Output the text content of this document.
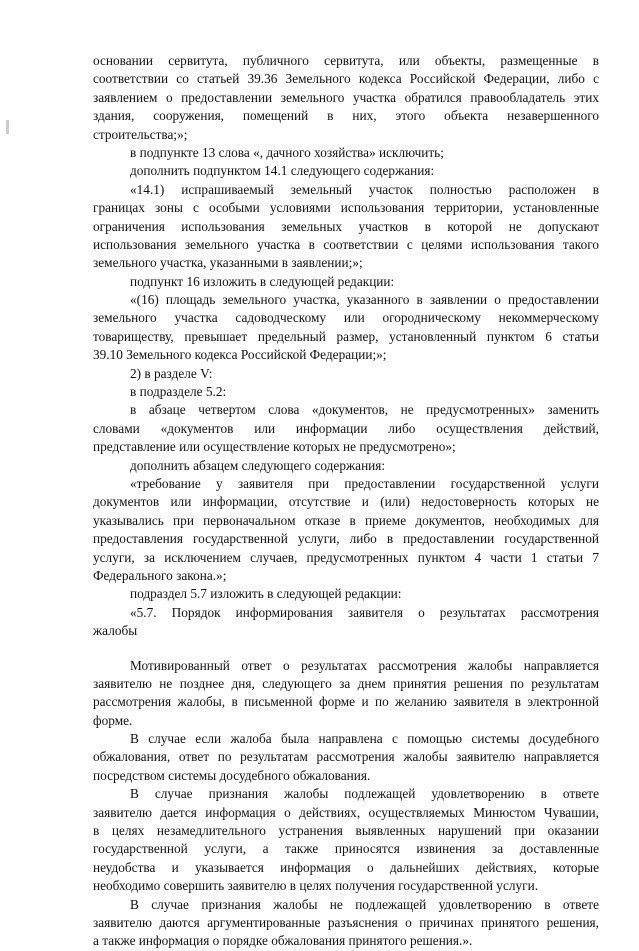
основании сервитута, публичного сервитута, или объекты, размещенные в
соответствии со статьей 39.36 Земельного кодекса Российской Федерации, либо с
заявлением о предоставлении земельного участка обратился правообладатель этих
здания, сооружения, помещений в них, этого объекта незавершенного
строительства;»;
в подпункте 13 слова «, дачного хозяйства» исключить;
дополнить подпунктом 14.1 следующего содержания:
«14.1) испрашиваемый земельный участок полностью расположен в
границах зоны с особыми условиями использования территории, установленные
ограничения использования земельных участков в которой не допускают
использования земельного участка в соответствии с целями использования такого
земельного участка, указанными в заявлении;»;
подпункт 16 изложить в следующей редакции:
«(16) площадь земельного участка, указанного в заявлении о предоставлении
земельного участка садоводческому или огородническому некоммерческому
товариществу, превышает предельный размер, установленный пунктом 6 статьи
39.10 Земельного кодекса Российской Федерации;»;
2) в разделе V:
в подразделе 5.2:
в абзаце четвертом слова «документов, не предусмотренных» заменить
словами «документов или информации либо осуществления действий,
представление или осуществление которых не предусмотрено»;
дополнить абзацем следующего содержания:
«требование у заявителя при предоставлении государственной услуги
документов или информации, отсутствие и (или) недостоверность которых не
указывались при первоначальном отказе в приеме документов, необходимых для
предоставления государственной услуги, либо в предоставлении государственной
услуги, за исключением случаев, предусмотренных пунктом 4 части 1 статьи 7
Федерального закона.»;
подраздел 5.7 изложить в следующей редакции:
«5.7. Порядок информирования заявителя о результатах рассмотрения
жалобы
Мотивированный ответ о результатах рассмотрения жалобы направляется
заявителю не позднее дня, следующего за днем принятия решения по результатам
рассмотрения жалобы, в письменной форме и по желанию заявителя в электронной
форме.
В случае если жалоба была направлена с помощью системы досудебного
обжалования, ответ по результатам рассмотрения жалобы заявителю направляется
посредством системы досудебного обжалования.
В случае признания жалобы подлежащей удовлетворению в ответе
заявителю дается информация о действиях, осуществляемых Минюстом Чувашии,
в целях незамедлительного устранения выявленных нарушений при оказании
государственной услуги, а также приносятся извинения за доставленные
неудобства и указывается информация о дальнейших действиях, которые
необходимо совершить заявителю в целях получения государственной услуги.
В случае признания жалобы не подлежащей удовлетворению в ответе
заявителю даются аргументированные разъяснения о причинах принятого решения,
а также информация о порядке обжалования принятого решения.».
